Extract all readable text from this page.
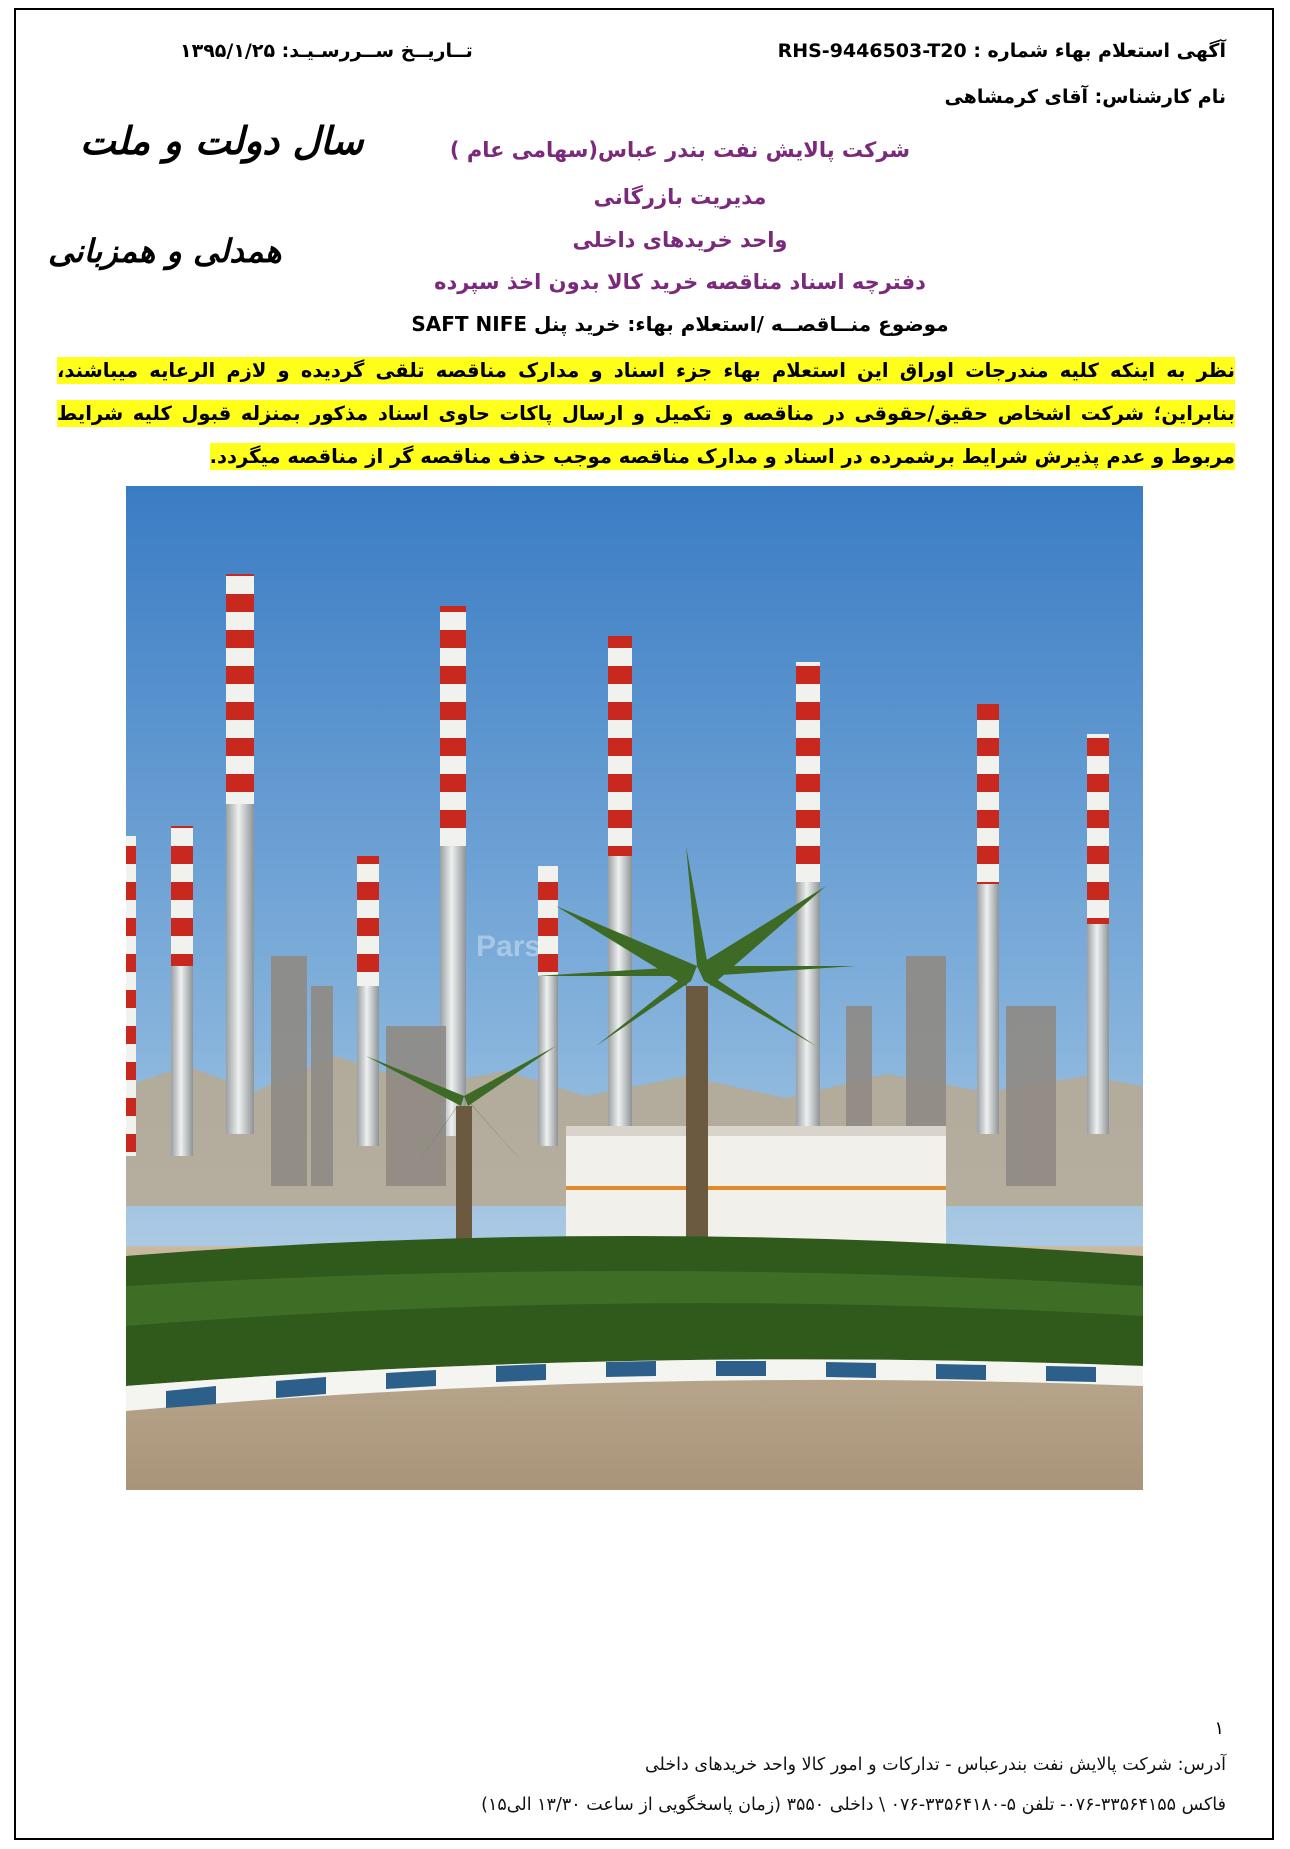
آگهی استعلام بهاء شماره : RHS-9446503-T20
نام کارشناس: آقای کرمشاهی
تــاریــخ ســررسـیـد: ۱۳۹۵/۱/۲۵
سال دولت و ملت
همدلی و همزبانی
شرکت پالایش نفت بندر عباس(سهامی عام )
مدیریت بازرگانی
واحد خریدهای داخلی
دفترچه اسناد مناقصه خرید کالا بدون اخذ سپرده
موضوع منــاقصــه /استعلام بهاء: خرید پنل SAFT NIFE
نظر به اینکه کلیه مندرجات اوراق این استعلام بهاء جزء اسناد و مدارک مناقصه تلقی گردیده و لازم الرعایه میباشند، بنابراین؛ شرکت اشخاص حقیق/حقوقی در مناقصه و تکمیل و ارسال پاکات حاوی اسناد مذکور بمنزله قبول کلیه شرایط مربوط و عدم پذیرش شرایط برشمرده در اسناد و مدارک مناقصه موجب حذف مناقصه گر از مناقصه میگردد.
Pars
۱
آدرس: شرکت پالایش نفت بندرعباس - تدارکات و امور کالا واحد خریدهای داخلی
فاکس ۳۳۵۶۴۱۵۵-۰۷۶- تلفن ۵-۳۳۵۶۴۱۸۰-۰۷۶ \ داخلی ۳۵۵۰ (زمان پاسخگویی از ساعت ۱۳/۳۰ الی۱۵)
